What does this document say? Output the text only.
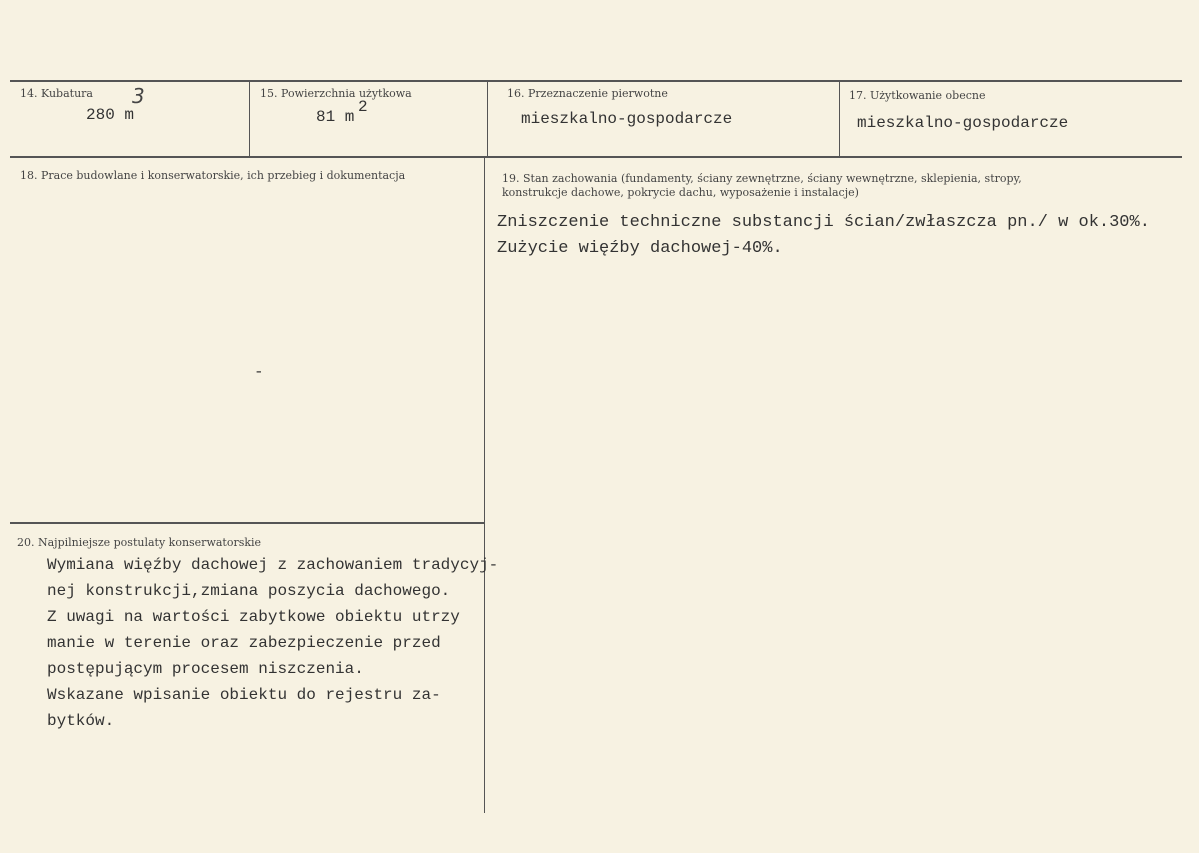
14. Kubatura 3
280 m
15. Powierzchnia użytkowa
81 m
2
16. Przeznaczenie pierwotne
mieszkalno-gospodarcze
17. Użytkowanie obecne
mieszkalno-gospodarcze
18. Prace budowlane i konserwatorskie, ich przebieg i dokumentacja
-
19. Stan zachowania (fundamenty, ściany zewnętrzne, ściany wewnętrzne, sklepienia, stropy,
konstrukcje dachowe, pokrycie dachu, wyposażenie i instalacje)
Zniszczenie techniczne substancji ścian/zwłaszcza pn./ w ok.30%.
Zużycie więźby dachowej-40%.
20. Najpilniejsze postulaty konserwatorskie
Wymiana więźby dachowej z zachowaniem tradycyj-
nej konstrukcji,zmiana poszycia dachowego.
Z uwagi na wartości zabytkowe obiektu utrzy
manie w terenie oraz zabezpieczenie przed
postępującym procesem niszczenia.
Wskazane wpisanie obiektu do rejestru za-
bytków.
